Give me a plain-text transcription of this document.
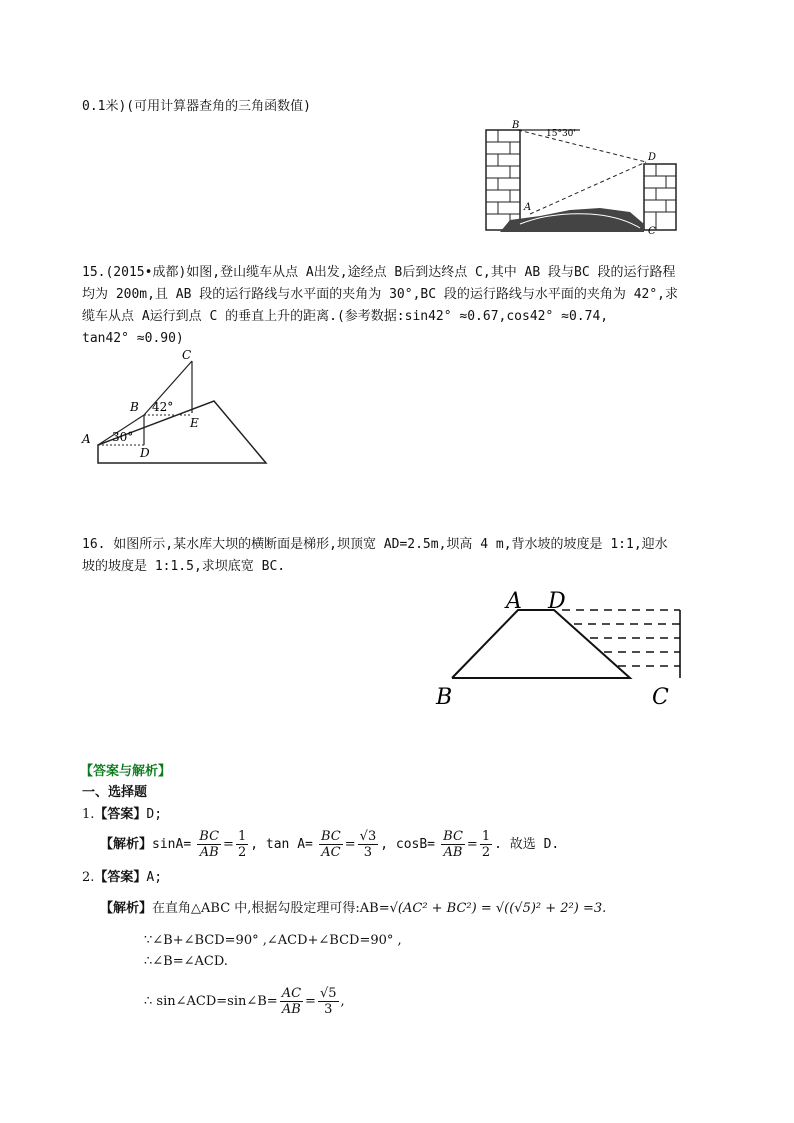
0.1米)(可用计算器查角的三角函数值)
B
15°30'
D
A
C
15.(2015•成都)如图,登山缆车从点 A出发,途经点 B后到达终点 C,其中 AB 段与BC 段的运行路程
均为 200m,且 AB 段的运行路线与水平面的夹角为 30°,BC 段的运行路线与水平面的夹角为 42°,求
缆车从点 A运行到点 C 的垂直上升的距离.(参考数据:sin42° ≈0.67,cos42° ≈0.74,
tan42° ≈0.90)
C
B 42°
E
A 30°
D
16. 如图所示,某水库大坝的横断面是梯形,坝顶宽 AD=2.5m,坝高 4 m,背水坡的坡度是 1:1,迎水
坡的坡度是 1:1.5,求坝底宽 BC.
A D
B	C
【答案与解析】
一、选择题
1.【答案】D;
【解析】$\sin A= \frac{BC}{AB} = \frac{1}{2}$ , $\tan A= \frac{BC}{AC} = \frac{√3}{3}$ , $\cos B= \frac{BC}{AB} = \frac{1}{2}$ . 故选 D.
2.【答案】A;
【解析】在直角△ABC 中,根据勾股定理可得:AB=√(AC² + BC²) = √((√5)² + 2²) =3.
∵∠B+∠BCD=90° ,∠ACD+∠BCD=90° ,
∴∠B=∠ACD.
∴ sin∠ACD=sin∠B= $\frac{AC}{AB} = \frac{√5}{3}$ ,
